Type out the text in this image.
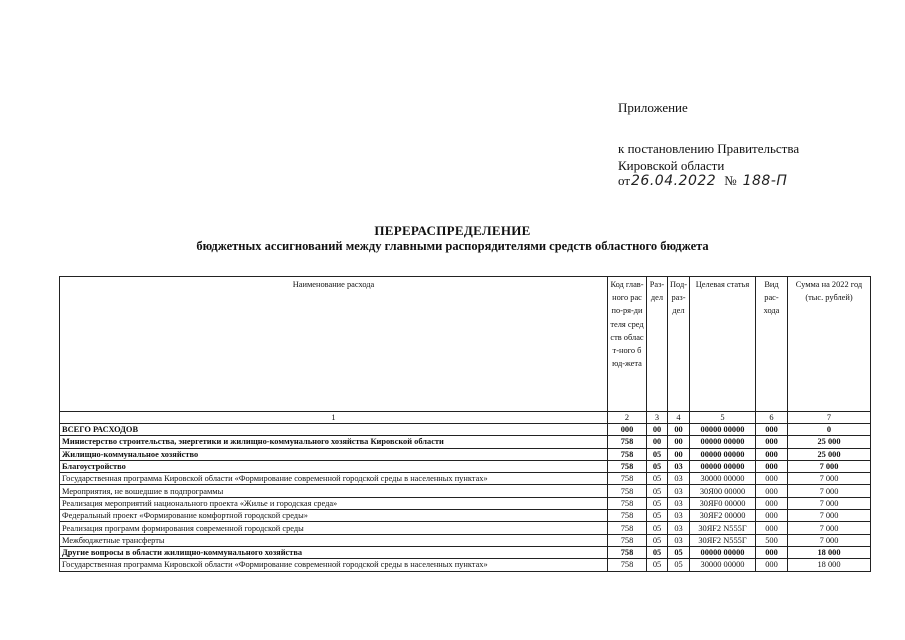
Приложение
к постановлению Правительства
Кировской области
от 26.04.2022 № 188-П
ПЕРЕРАСПРЕДЕЛЕНИЕ
бюджетных ассигнований между главными распорядителями средств областного бюджета
Наименование расхода	Код глав-ного распо-ря-дителя средств област-ного бюд-жета	Раз-дел	Под-раз-дел	Целевая статья	Вид рас-хода	Сумма на 2022 год (тыс. рублей)
1	2	3	4	5	6	7
ВСЕГО РАСХОДОВ	000	00	00	00000 00000	000	0
Министерство строительства, энергетики и жилищно-коммунального хозяйства Кировской области	758	00	00	00000 00000	000	25 000
Жилищно-коммунальное хозяйство	758	05	00	00000 00000	000	25 000
Благоустройство	758	05	03	00000 00000	000	7 000
Государственная программа Кировской области «Формирование современной городской среды в населенных пунктах»	758	05	03	30000 00000	000	7 000
Мероприятия, не вошедшие в подпрограммы	758	05	03	30Я00 00000	000	7 000
Реализация мероприятий национального проекта «Жилье и городская среда»	758	05	03	30ЯF0 00000	000	7 000
Федеральный проект «Формирование комфортной городской среды»	758	05	03	30ЯF2 00000	000	7 000
Реализация программ формирования современной городской среды	758	05	03	30ЯF2 N555Г	000	7 000
Межбюджетные трансферты	758	05	03	30ЯF2 N555Г	500	7 000
Другие вопросы в области жилищно-коммунального хозяйства	758	05	05	00000 00000	000	18 000
Государственная программа Кировской области «Формирование современной городской среды в населенных пунктах»	758	05	05	30000 00000	000	18 000
